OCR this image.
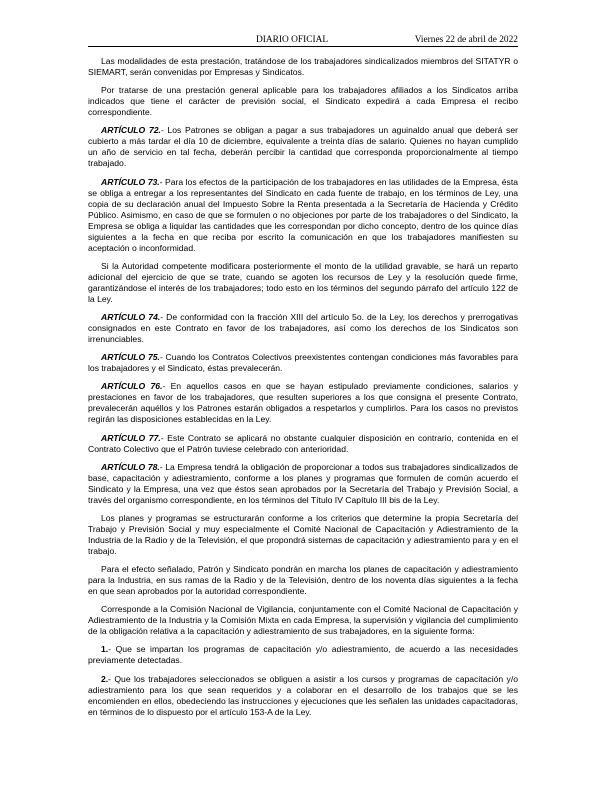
DIARIO OFICIAL	Viernes 22 de abril de 2022

Las modalidades de esta prestación, tratándose de los trabajadores sindicalizados miembros del SITATYR o SIEMART, serán convenidas por Empresas y Sindicatos.

Por tratarse de una prestación general aplicable para los trabajadores afiliados a los Sindicatos arriba indicados que tiene el carácter de previsión social, el Sindicato expedirá a cada Empresa el recibo correspondiente.

ARTÍCULO 72.- Los Patrones se obligan a pagar a sus trabajadores un aguinaldo anual que deberá ser cubierto a más tardar el día 10 de diciembre, equivalente a treinta días de salario. Quienes no hayan cumplido un año de servicio en tal fecha, deberán percibir la cantidad que corresponda proporcionalmente al tiempo trabajado.

ARTÍCULO 73.- Para los efectos de la participación de los trabajadores en las utilidades de la Empresa, ésta se obliga a entregar a los representantes del Sindicato en cada fuente de trabajo, en los términos de Ley, una copia de su declaración anual del Impuesto Sobre la Renta presentada a la Secretaría de Hacienda y Crédito Público. Asimismo, en caso de que se formulen o no objeciones por parte de los trabajadores o del Sindicato, la Empresa se obliga a liquidar las cantidades que les correspondan por dicho concepto, dentro de los quince días siguientes a la fecha en que reciba por escrito la comunicación en que los trabajadores manifiesten su aceptación o inconformidad.

Si la Autoridad competente modificara posteriormente el monto de la utilidad gravable, se hará un reparto adicional del ejercicio de que se trate, cuando se agoten los recursos de Ley y la resolución quede firme, garantizándose el interés de los trabajadores; todo esto en los términos del segundo párrafo del artículo 122 de la Ley.

ARTÍCULO 74.- De conformidad con la fracción XIII del artículo 5o. de la Ley, los derechos y prerrogativas consignados en este Contrato en favor de los trabajadores, así como los derechos de los Sindicatos son irrenunciables.

ARTÍCULO 75.- Cuando los Contratos Colectivos preexistentes contengan condiciones más favorables para los trabajadores y el Sindicato, éstas prevalecerán.

ARTÍCULO 76.- En aquellos casos en que se hayan estipulado previamente condiciones, salarios y prestaciones en favor de los trabajadores, que resulten superiores a los que consigna el presente Contrato, prevalecerán aquéllos y los Patrones estarán obligados a respetarlos y cumplirlos. Para los casos no previstos regirán las disposiciones establecidas en la Ley.

ARTÍCULO 77.- Este Contrato se aplicará no obstante cualquier disposición en contrario, contenida en el Contrato Colectivo que el Patrón tuviese celebrado con anterioridad.

ARTÍCULO 78.- La Empresa tendrá la obligación de proporcionar a todos sus trabajadores sindicalizados de base, capacitación y adiestramiento, conforme a los planes y programas que formulen de común acuerdo el Sindicato y la Empresa, una vez que éstos sean aprobados por la Secretaría del Trabajo y Previsión Social, a través del organismo correspondiente, en los términos del Título IV Capítulo III bis de la Ley.

Los planes y programas se estructurarán conforme a los criterios que determine la propia Secretaría del Trabajo y Previsión Social y muy especialmente el Comité Nacional de Capacitación y Adiestramiento de la Industria de la Radio y de la Televisión, el que propondrá sistemas de capacitación y adiestramiento para y en el trabajo.

Para el efecto señalado, Patrón y Sindicato pondrán en marcha los planes de capacitación y adiestramiento para la Industria, en sus ramas de la Radio y de la Televisión, dentro de los noventa días siguientes a la fecha en que sean aprobados por la autoridad correspondiente.

Corresponde a la Comisión Nacional de Vigilancia, conjuntamente con el Comité Nacional de Capacitación y Adiestramiento de la Industria y la Comisión Mixta en cada Empresa, la supervisión y vigilancia del cumplimiento de la obligación relativa a la capacitación y adiestramiento de sus trabajadores, en la siguiente forma:

1.- Que se impartan los programas de capacitación y/o adiestramiento, de acuerdo a las necesidades previamente detectadas.

2.- Que los trabajadores seleccionados se obliguen a asistir a los cursos y programas de capacitación y/o adiestramiento para los que sean requeridos y a colaborar en el desarrollo de los trabajos que se les encomienden en ellos, obedeciendo las instrucciones y ejecuciones que les señalen las unidades capacitadoras, en términos de lo dispuesto por el artículo 153-A de la Ley.
